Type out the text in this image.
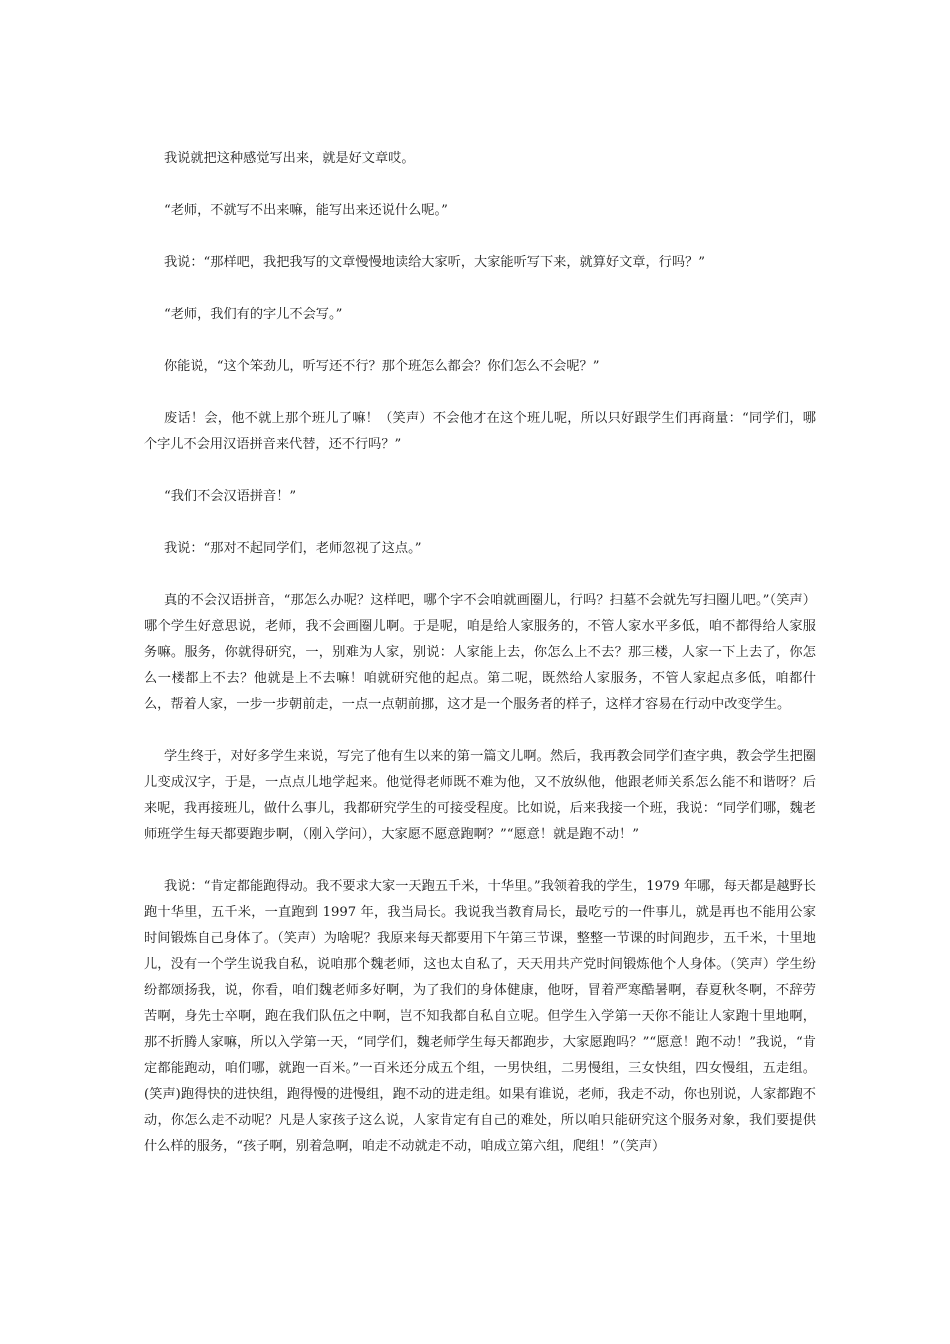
我说就把这种感觉写出来，就是好文章哎。

“老师，不就写不出来嘛，能写出来还说什么呢。”

我说：“那样吧，我把我写的文章慢慢地读给大家听，大家能听写下来，就算好文章，行吗？”

“老师，我们有的字儿不会写。”

你能说，“这个笨劲儿，听写还不行？那个班怎么都会？你们怎么不会呢？”

废话！会，他不就上那个班儿了嘛！（笑声）不会他才在这个班儿呢，所以只好跟学生们再商量：“同学们，哪个字儿不会用汉语拼音来代替，还不行吗？”

“我们不会汉语拼音！”

我说：“那对不起同学们，老师忽视了这点。”

真的不会汉语拼音，“那怎么办呢？这样吧，哪个字不会咱就画圈儿，行吗？扫墓不会就先写扫圈儿吧。”（笑声）哪个学生好意思说，老师，我不会画圈儿啊。于是呢，咱是给人家服务的，不管人家水平多低，咱不都得给人家服务嘛。服务，你就得研究，一，别难为人家，别说：人家能上去，你怎么上不去？那三楼，人家一下上去了，你怎么一楼都上不去？他就是上不去嘛！咱就研究他的起点。第二呢，既然给人家服务，不管人家起点多低，咱都什么，帮着人家，一步一步朝前走，一点一点朝前挪，这才是一个服务者的样子，这样才容易在行动中改变学生。

学生终于，对好多学生来说，写完了他有生以来的第一篇文儿啊。然后，我再教会同学们查字典，教会学生把圈儿变成汉字，于是，一点点儿地学起来。他觉得老师既不难为他，又不放纵他，他跟老师关系怎么能不和谐呀？后来呢，我再接班儿，做什么事儿，我都研究学生的可接受程度。比如说，后来我接一个班，我说：“同学们哪，魏老师班学生每天都要跑步啊，（刚入学问），大家愿不愿意跑啊？”“愿意！就是跑不动！”

我说：“肯定都能跑得动。我不要求大家一天跑五千米，十华里。”我领着我的学生，1979 年哪，每天都是越野长跑十华里，五千米，一直跑到 1997 年，我当局长。我说我当教育局长，最吃亏的一件事儿，就是再也不能用公家时间锻炼自己身体了。（笑声）为啥呢？我原来每天都要用下午第三节课，整整一节课的时间跑步，五千米，十里地儿，没有一个学生说我自私，说咱那个魏老师，这也太自私了，天天用共产党时间锻炼他个人身体。（笑声）学生纷纷都颂扬我，说，你看，咱们魏老师多好啊，为了我们的身体健康，他呀，冒着严寒酷暑啊，春夏秋冬啊，不辞劳苦啊，身先士卒啊，跑在我们队伍之中啊，岂不知我都自私自立呢。但学生入学第一天你不能让人家跑十里地啊，那不折腾人家嘛，所以入学第一天，“同学们，魏老师学生每天都跑步，大家愿跑吗？”“愿意！跑不动！”我说，“肯定都能跑动，咱们哪，就跑一百米。”一百米还分成五个组，一男快组，二男慢组，三女快组，四女慢组，五走组。(笑声)跑得快的进快组，跑得慢的进慢组，跑不动的进走组。如果有谁说，老师，我走不动，你也别说，人家都跑不动，你怎么走不动呢？凡是人家孩子这么说，人家肯定有自己的难处，所以咱只能研究这个服务对象，我们要提供什么样的服务，“孩子啊，别着急啊，咱走不动就走不动，咱成立第六组，爬组！”（笑声）
